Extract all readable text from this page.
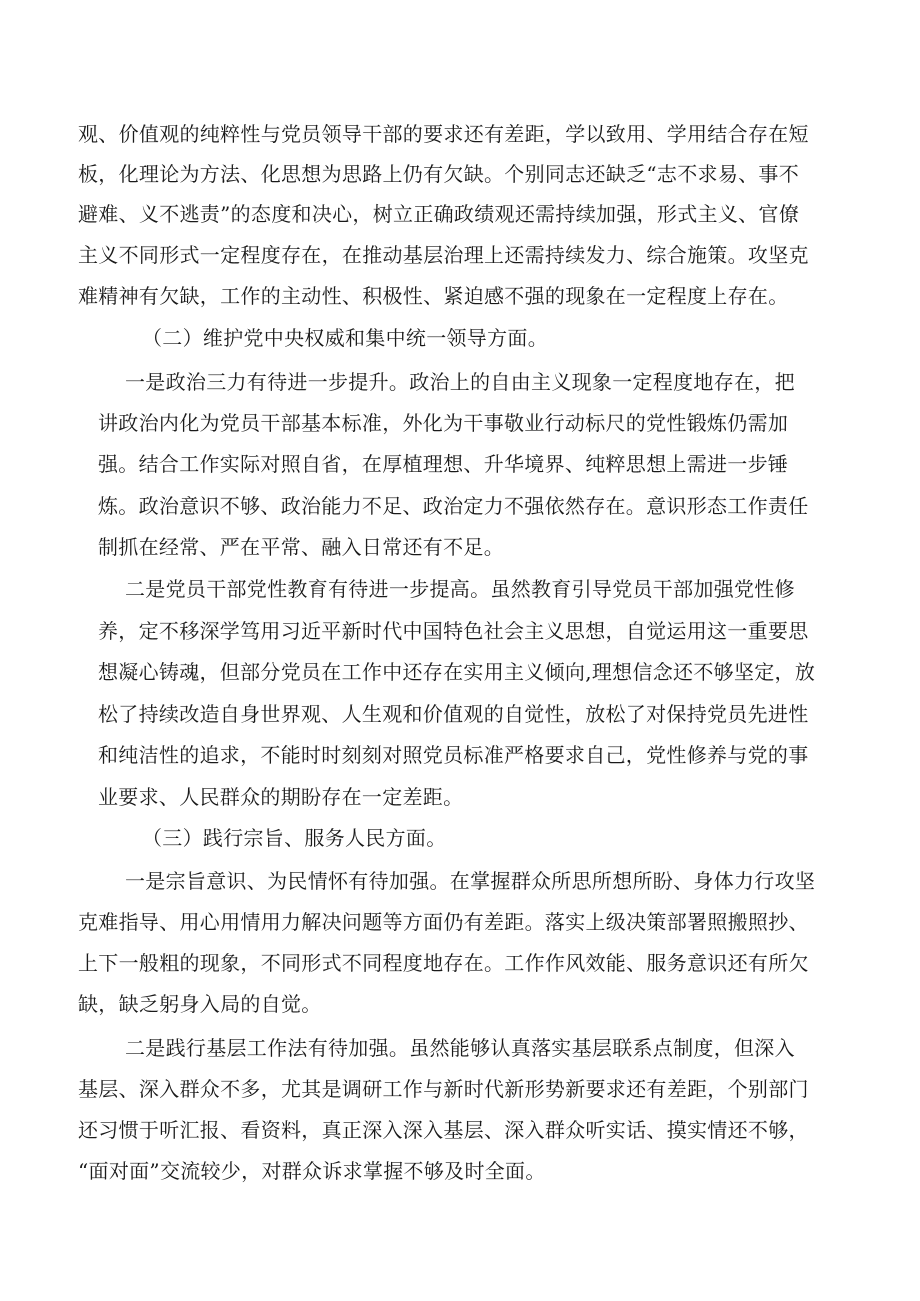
观、价值观的纯粹性与党员领导干部的要求还有差距，学以致用、学用结合存在短
板，化理论为方法、化思想为思路上仍有欠缺。个别同志还缺乏“志不求易、事不
避难、义不逃责”的态度和决心，树立正确政绩观还需持续加强，形式主义、官僚
主义不同形式一定程度存在，在推动基层治理上还需持续发力、综合施策。攻坚克
难精神有欠缺，工作的主动性、积极性、紧迫感不强的现象在一定程度上存在。
（二）维护党中央权威和集中统一领导方面。
一是政治三力有待进一步提升。政治上的自由主义现象一定程度地存在，把
讲政治内化为党员干部基本标准，外化为干事敬业行动标尺的党性锻炼仍需加
强。结合工作实际对照自省，在厚植理想、升华境界、纯粹思想上需进一步锤
炼。政治意识不够、政治能力不足、政治定力不强依然存在。意识形态工作责任
制抓在经常、严在平常、融入日常还有不足。
二是党员干部党性教育有待进一步提高。虽然教育引导党员干部加强党性修
养，定不移深学笃用习近平新时代中国特色社会主义思想，自觉运用这一重要思
想凝心铸魂，但部分党员在工作中还存在实用主义倾向,理想信念还不够坚定，放
松了持续改造自身世界观、人生观和价值观的自觉性，放松了对保持党员先进性
和纯洁性的追求，不能时时刻刻对照党员标准严格要求自己，党性修养与党的事
业要求、人民群众的期盼存在一定差距。
（三）践行宗旨、服务人民方面。
一是宗旨意识、为民情怀有待加强。在掌握群众所思所想所盼、身体力行攻坚
克难指导、用心用情用力解决问题等方面仍有差距。落实上级决策部署照搬照抄、
上下一般粗的现象，不同形式不同程度地存在。工作作风效能、服务意识还有所欠
缺，缺乏躬身入局的自觉。
二是践行基层工作法有待加强。虽然能够认真落实基层联系点制度，但深入
基层、深入群众不多，尤其是调研工作与新时代新形势新要求还有差距，个别部门
还习惯于听汇报、看资料，真正深入深入基层、深入群众听实话、摸实情还不够，
“面对面”交流较少，对群众诉求掌握不够及时全面。
